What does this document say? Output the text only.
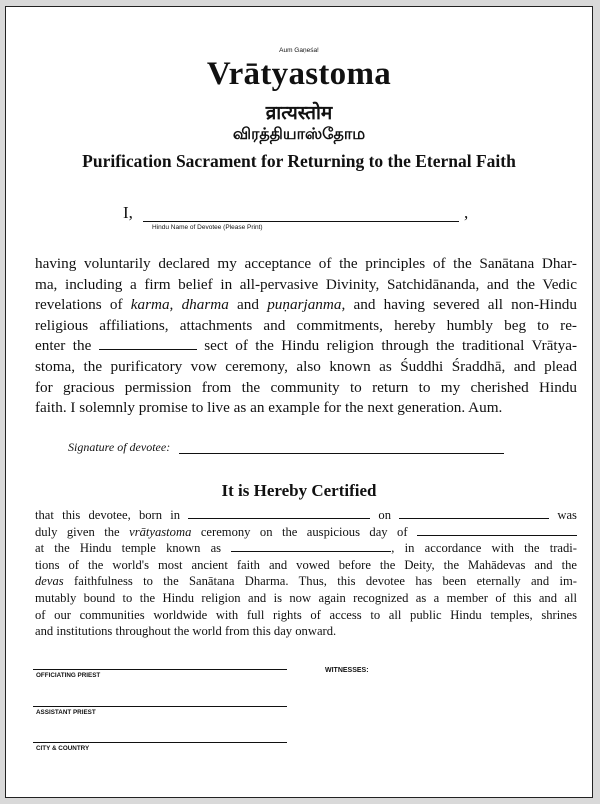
Aum Gaṇeśa!
Vrātyastoma
व्रात्यस्तोम
விரத்தியாஸ்தோம
Purification Sacrament for Returning to the Eternal Faith
I,	,
Hindu Name of Devotee (Please Print)
having voluntarily declared my acceptance of the principles of the Sanātana Dhar-
ma, including a firm belief in all-pervasive Divinity, Satchidānanda, and the Vedic
revelations of karma, dharma and puṇarjanma, and having severed all non-Hindu
religious affiliations, attachments and commitments, hereby humbly beg to re-
enter the	sect of the Hindu religion through the traditional Vrātya-
stoma, the purificatory vow ceremony, also known as Śuddhi Śraddhā, and plead
for gracious permission from the community to return to my cherished Hindu
faith. I solemnly promise to live as an example for the next generation. Aum.
Signature of devotee:
It is Hereby Certified
that this devotee, born in	on	was
duly given the vrātyastoma ceremony on the auspicious day of
at the Hindu temple known as	, in accordance with the tradi-
tions of the world's most ancient faith and vowed before the Deity, the Mahādevas and the
devas faithfulness to the Sanātana Dharma. Thus, this devotee has been eternally and im-
mutably bound to the Hindu religion and is now again recognized as a member of this and all
of our communities worldwide with full rights of access to all public Hindu temples, shrines
and institutions throughout the world from this day onward.
WITNESSES:
OFFICIATING PRIEST
ASSISTANT PRIEST
CITY & COUNTRY
